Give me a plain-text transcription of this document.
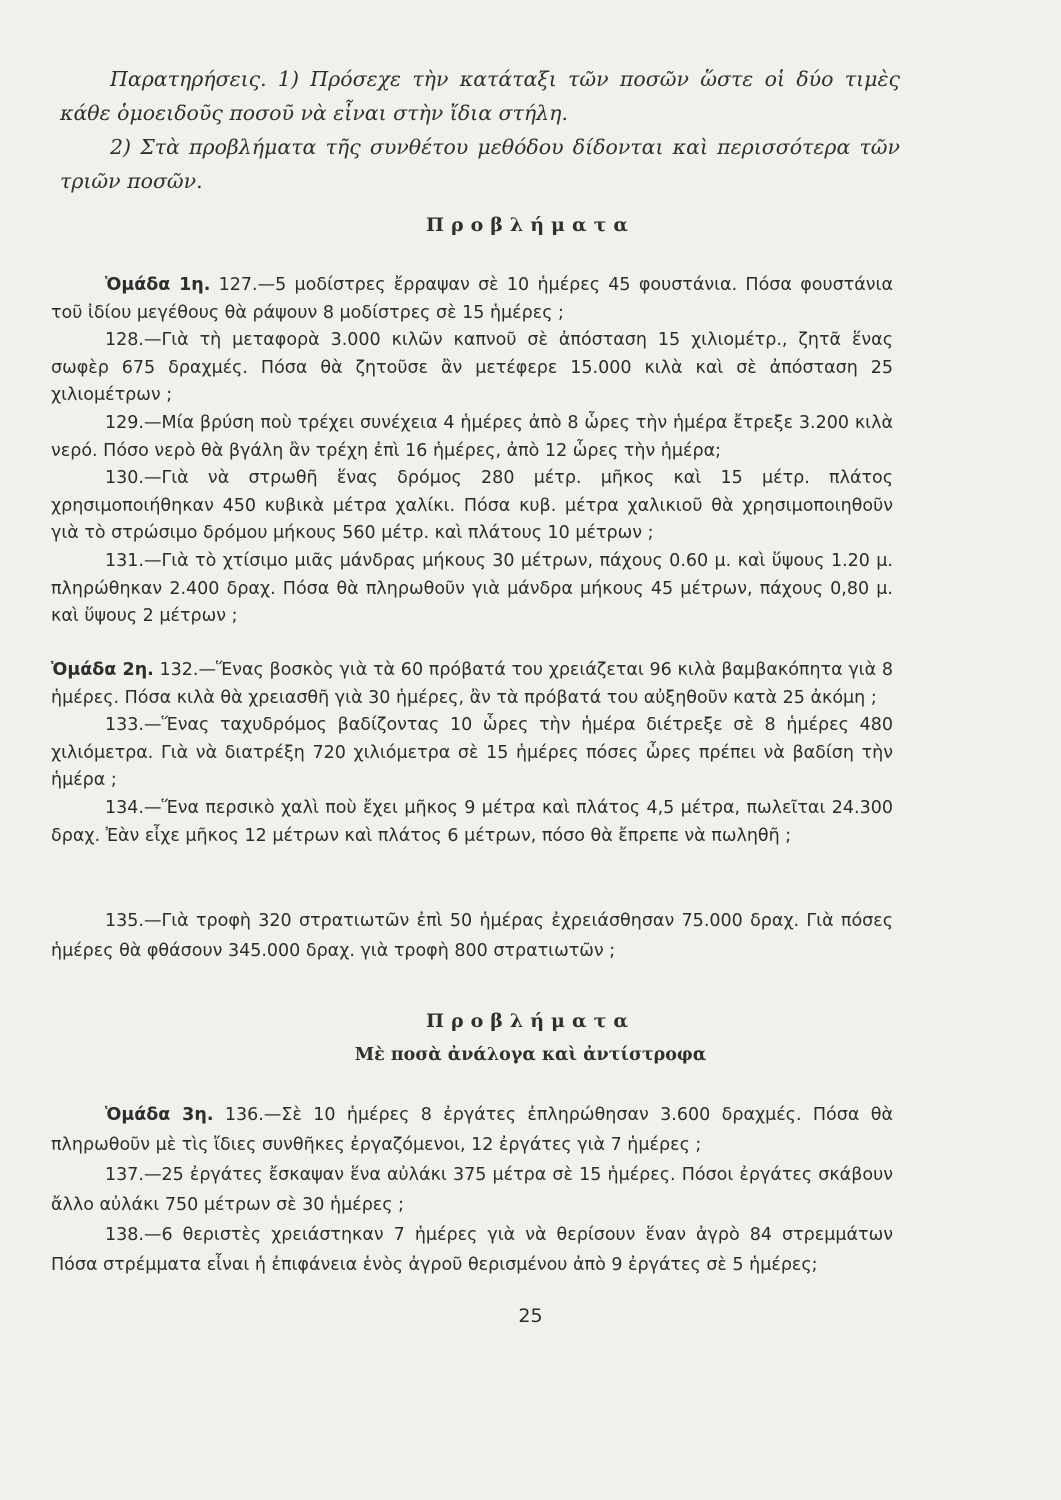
Παρατηρήσεις. 1) Πρόσεχε τὴν κατάταξι τῶν ποσῶν ὥστε οἱ δύο τιμὲς κάθε ὁμοειδοῦς ποσοῦ νὰ εἶναι στὴν ἴδια στήλη.

2) Στὰ προβλήματα τῆς συνθέτου μεθόδου δίδονται καὶ περισσότερα τῶν τριῶν ποσῶν.

Προβλήματα

Ὁμάδα 1η. 127.—5 μοδίστρες ἔρραψαν σὲ 10 ἡμέρες 45 φουστάνια. Πόσα φουστάνια τοῦ ἰδίου μεγέθους θὰ ράψουν 8 μοδίστρες σὲ 15 ἡμέρες ;

128.—Γιὰ τὴ μεταφορὰ 3.000 κιλῶν καπνοῦ σὲ ἀπόσταση 15 χιλιομέτρ., ζητᾶ ἕνας σωφὲρ 675 δραχμές. Πόσα θὰ ζητοῦσε ἂν μετέφερε 15.000 κιλὰ καὶ σὲ ἀπόσταση 25 χιλιομέτρων ;

129.—Μία βρύση ποὺ τρέχει συνέχεια 4 ἡμέρες ἀπὸ 8 ὧρες τὴν ἡμέρα ἔτρεξε 3.200 κιλὰ νερό. Πόσο νερὸ θὰ βγάλη ἂν τρέχη ἐπὶ 16 ἡμέρες, ἀπὸ 12 ὧρες τὴν ἡμέρα;

130.—Γιὰ νὰ στρωθῆ ἕνας δρόμος 280 μέτρ. μῆκος καὶ 15 μέτρ. πλάτος χρησιμοποιήθηκαν 450 κυβικὰ μέτρα χαλίκι. Πόσα κυβ. μέτρα χαλικιοῦ θὰ χρησιμοποιηθοῦν γιὰ τὸ στρώσιμο δρόμου μήκους 560 μέτρ. καὶ πλάτους 10 μέτρων ;

131.—Γιὰ τὸ χτίσιμο μιᾶς μάνδρας μήκους 30 μέτρων, πάχους 0.60 μ. καὶ ὕψους 1.20 μ. πληρώθηκαν 2.400 δραχ. Πόσα θὰ πληρωθοῦν γιὰ μάνδρα μήκους 45 μέτρων, πάχους 0,80 μ. καὶ ὕψους 2 μέτρων ;

Ὁμάδα 2η. 132.—Ἕνας βοσκὸς γιὰ τὰ 60 πρόβατά του χρειάζεται 96 κιλὰ βαμβακόπητα γιὰ 8 ἡμέρες. Πόσα κιλὰ θὰ χρειασθῆ γιὰ 30 ἡμέρες, ἂν τὰ πρόβατά του αὐξηθοῦν κατὰ 25 ἀκόμη ;

133.—Ἕνας ταχυδρόμος βαδίζοντας 10 ὧρες τὴν ἡμέρα διέτρεξε σὲ 8 ἡμέρες 480 χιλιόμετρα. Γιὰ νὰ διατρέξη 720 χιλιόμετρα σὲ 15 ἡμέρες πόσες ὧρες πρέπει νὰ βαδίση τὴν ἡμέρα ;

134.—Ἕνα περσικὸ χαλὶ ποὺ ἔχει μῆκος 9 μέτρα καὶ πλάτος 4,5 μέτρα, πωλεῖται 24.300 δραχ. Ἐὰν εἶχε μῆκος 12 μέτρων καὶ πλάτος 6 μέτρων, πόσο θὰ ἔπρεπε νὰ πωληθῆ ;

135.—Γιὰ τροφὴ 320 στρατιωτῶν ἐπὶ 50 ἡμέρας ἐχρειάσθησαν 75.000 δραχ. Γιὰ πόσες ἡμέρες θὰ φθάσουν 345.000 δραχ. γιὰ τροφὴ 800 στρατιωτῶν ;

Προβλήματα
Μὲ ποσὰ ἀνάλογα καὶ ἀντίστροφα

Ὁμάδα 3η. 136.—Σὲ 10 ἡμέρες 8 ἐργάτες ἐπληρώθησαν 3.600 δραχμές. Πόσα θὰ πληρωθοῦν μὲ τὶς ἴδιες συνθῆκες ἐργαζόμενοι, 12 ἐργάτες γιὰ 7 ἡμέρες ;

137.—25 ἐργάτες ἔσκαψαν ἕνα αὐλάκι 375 μέτρα σὲ 15 ἡμέρες. Πόσοι ἐργάτες σκάβουν ἄλλο αὐλάκι 750 μέτρων σὲ 30 ἡμέρες ;

138.—6 θεριστὲς χρειάστηκαν 7 ἡμέρες γιὰ νὰ θερίσουν ἕναν ἀγρὸ 84 στρεμμάτων Πόσα στρέμματα εἶναι ἡ ἐπιφάνεια ἑνὸς ἀγροῦ θερισμένου ἀπὸ 9 ἐργάτες σὲ 5 ἡμέρες;

25
